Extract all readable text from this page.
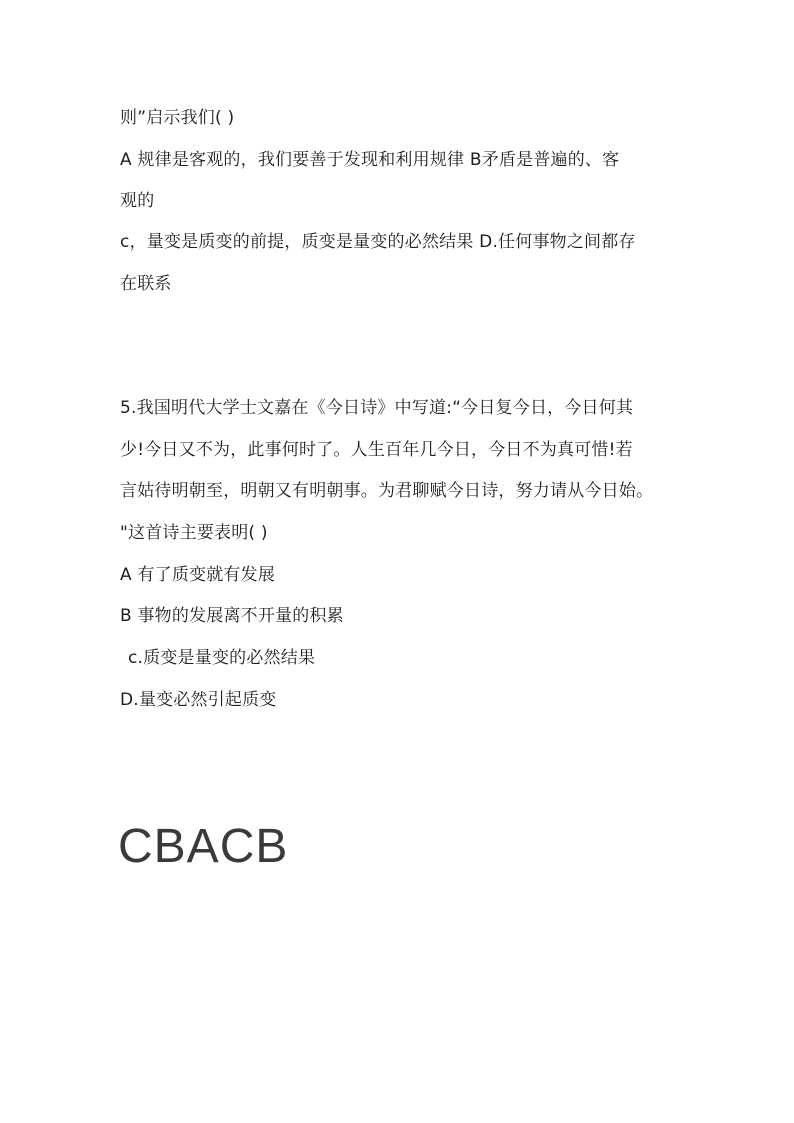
则”启示我们( )
A 规律是客观的，我们要善于发现和利用规律 B矛盾是普遍的、客
观的
c，量变是质变的前提，质变是量变的必然结果 D.任何事物之间都存
在联系
5.我国明代大学士文嘉在《今日诗》中写道:“今日复今日，今日何其
少!今日又不为，此事何时了。人生百年几今日，今日不为真可惜!若
言姑待明朝至，明朝又有明朝事。为君聊赋今日诗，努力请从今日始。
"这首诗主要表明( )
A 有了质变就有发展
B 事物的发展离不开量的积累
c.质变是量变的必然结果
D.量变必然引起质变
CBACB
